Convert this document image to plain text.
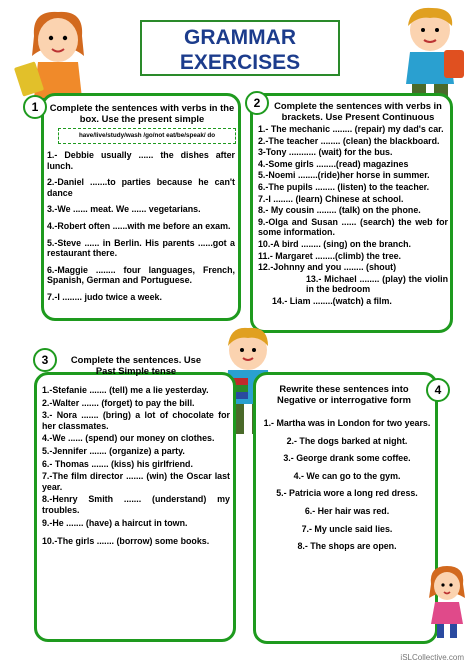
GRAMMAR
EXERCISES
1	Complete the sentences with verbs in the box. Use the present simple
have/live/study/wash /go/not eat/be/speak/ do
1.- Debbie usually ...... the dishes after lunch.
2.-Daniel .......to parties because he can't dance
3.-We ...... meat. We ...... vegetarians.
4.-Robert often ......with me before an exam.
5.-Steve ...... in Berlin. His parents ......got a restaurant there.
6.-Maggie ........ four languages, French, Spanish, German and Portuguese.
7.-I ........ judo twice a week.
2	Complete the sentences with verbs in brackets. Use Present Continuous
1.- The mechanic ........ (repair) my dad's car.
2.-The teacher ........ (clean) the blackboard.
3-Tony ........... (wait) for the bus.
4.-Some girls ........(read) magazines
5.-Noemi ........(ride)her horse in summer.
6.-The pupils ........ (listen) to the teacher.
7.-I ........ (learn) Chinese at school.
8.- My cousin ........ (talk) on the phone.
9.-Olga and Susan ...... (search) the web for some information.
10.-A bird ........ (sing) on the branch.
11.- Margaret ........(climb) the tree.
12.-Johnny and you ........ (shout)
13.- Michael ........ (play) the violin in the bedroom
14.- Liam ........(watch) a film.
3	Complete the sentences. Use Past Simple tense
1.-Stefanie ....... (tell) me a lie yesterday.
2.-Walter ....... (forget) to pay the bill.
3.- Nora ....... (bring) a lot of chocolate for her classmates.
4.-We ...... (spend) our money on clothes.
5.-Jennifer ....... (organize) a party.
6.- Thomas ....... (kiss) his girlfriend.
7.-The film director ....... (win) the Oscar last year.
8.-Henry Smith ....... (understand) my troubles.
9.-He ....... (have) a haircut in town.
10.-The girls ....... (borrow) some books.
4
Rewrite these sentences into Negative or interrogative form
1.- Martha was in London for two years.
2.- The dogs barked at night.
3.- George drank some coffee.
4.- We can go to the gym.
5.- Patricia wore a long red dress.
6.- Her hair was red.
7.- My uncle said lies.
8.- The shops are open.
iSLCollective.com
